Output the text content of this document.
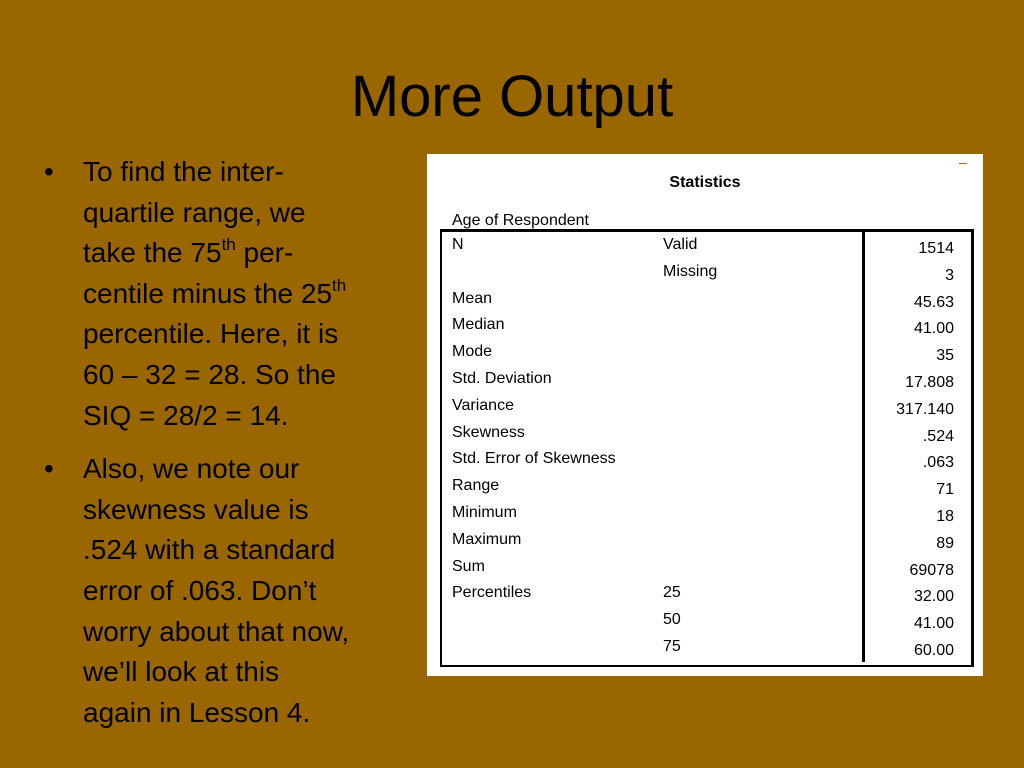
More Output
• To find the inter-
quartile range, we
take the 75th per-
centile minus the 25th
percentile. Here, it is
60 – 32 = 28. So the
SIQ = 28/2 = 14.
• Also, we note our
skewness value is
.524 with a standard
error of .063. Don’t
worry about that now,
we’ll look at this
again in Lesson 4.
Statistics
Age of Respondent
N	Valid	1514
Missing	3
Mean	45.63
Median	41.00
Mode	35
Std. Deviation	17.808
Variance	317.140
Skewness	.524
Std. Error of Skewness	.063
Range	71
Minimum	18
Maximum	89
Sum	69078
Percentiles	25	32.00
50	41.00
75	60.00
–
